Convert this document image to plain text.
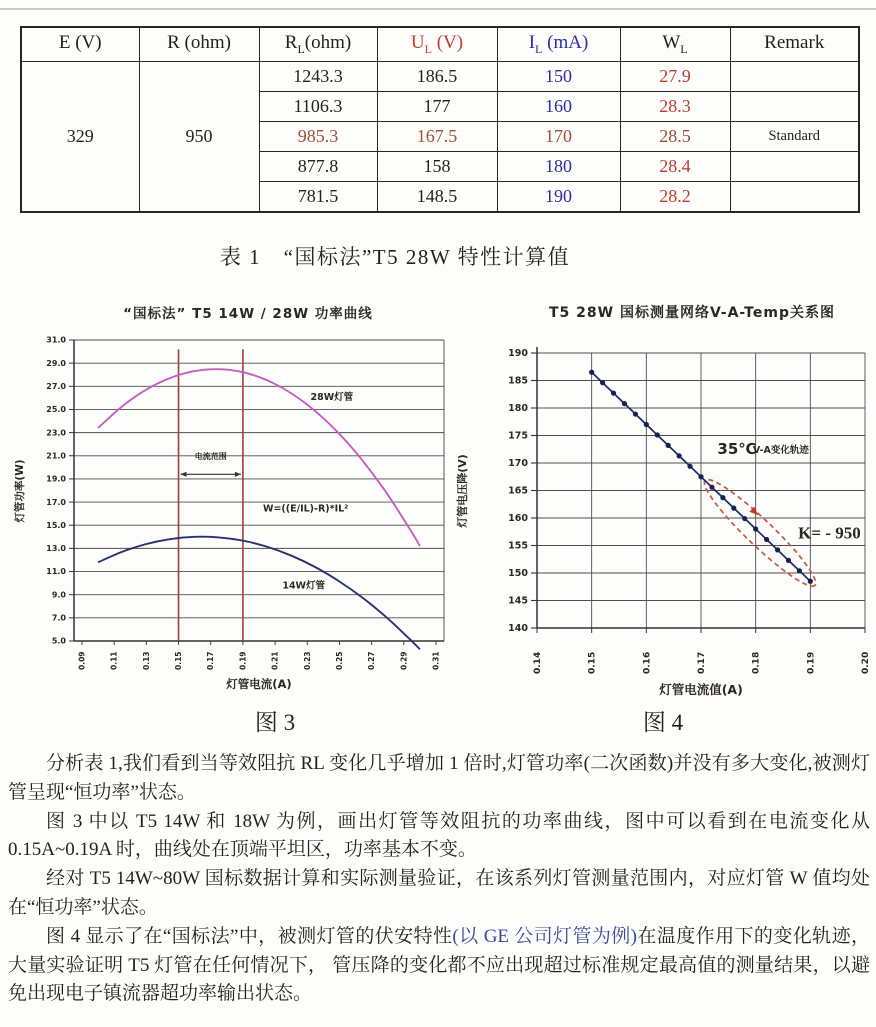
E (V)	R (ohm)	$R_L(ohm)$	$U_L$ (V)	$I_L$ (mA)	$W_L$	Remark
329	950	1243.3	186.5	150	27.9	
		1106.3	177	160	28.3	
		985.3	167.5	170	28.5	Standard
		877.8	158	180	28.4	
		781.5	148.5	190	28.2	
表 1　“国标法”T5 28W 特性计算值
31.0
29.0
27.0
25.0
23.0
21.0
19.0
17.0
15.0
13.0
11.0
9.0
7.0
5.0
0.09	0.11	0.13	0.15	0.17	0.19	0.21	0.23	0.25	0.27	0.29	0.31
电流范围
W=((E/IL)-R)*IL²
28W灯管
14W灯管
“国标法” T5 14W / 28W 功率曲线
灯管电流(A)
灯管功率(W)
190
185
180
175
170
165
160
155
150
145
140
0.14	0.15	0.16	0.17	0.18	0.19	0.20
35℃
V-A变化轨迹
K= - 950
T5 28W 国标测量网络V-A-Temp关系图
灯管电流值(A)
灯管电压降(V)
图 3	图 4

分析表 1,我们看到当等效阻抗 RL 变化几乎增加 1 倍时,灯管功率(二次函数)并没有多大变化,被测灯管呈现“恒功率”状态。

图 3 中以 T5 14W 和 18W 为例，画出灯管等效阻抗的功率曲线，图中可以看到在电流变化从0.15A~0.19A 时，曲线处在顶端平坦区，功率基本不变。

经对 T5 14W~80W 国标数据计算和实际测量验证，在该系列灯管测量范围内，对应灯管 W 值均处在“恒功率”状态。

图 4 显示了在“国标法”中，被测灯管的伏安特性(以 GE 公司灯管为例)在温度作用下的变化轨迹，大量实验证明 T5 灯管在任何情况下， 管压降的变化都不应出现超过标准规定最高值的测量结果，以避免出现电子镇流器超功率输出状态。
